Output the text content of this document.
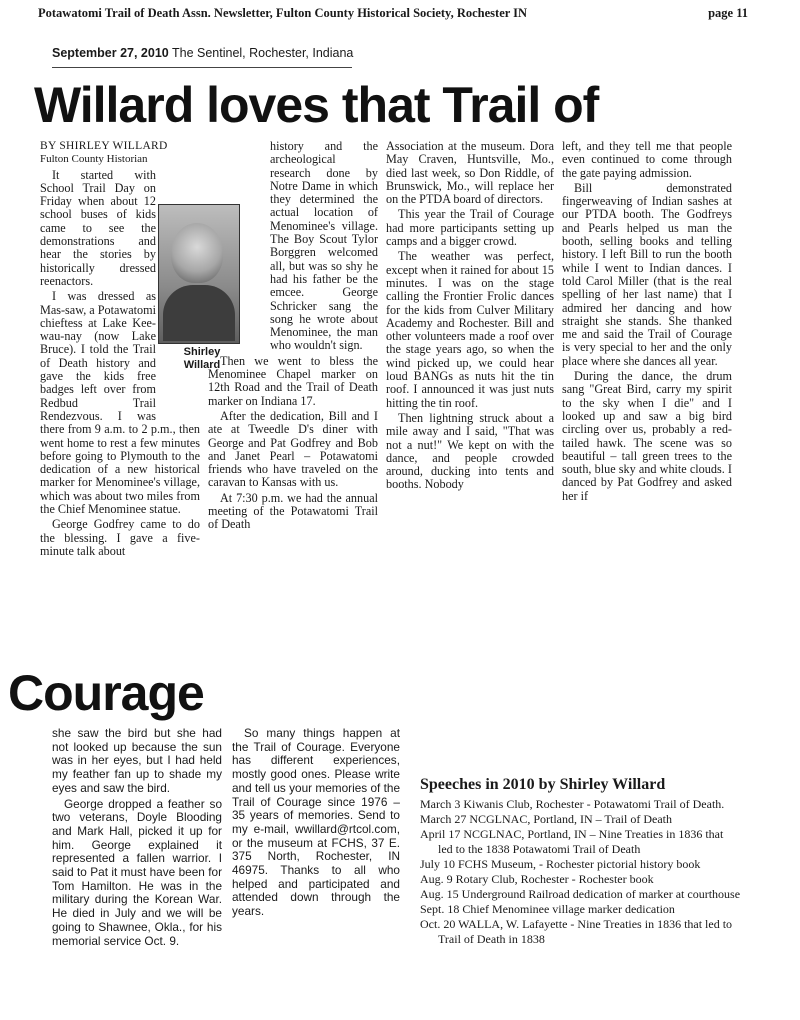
Potawatomi Trail of Death Assn. Newsletter, Fulton County Historical Society, Rochester IN	page 11
September 27, 2010 The Sentinel, Rochester, Indiana
Willard loves that Trail of
BY SHIRLEY WILLARD
Fulton County Historian

It started with School Trail Day on Friday when about 12 school buses of kids came to see the demonstrations and hear the stories by historically dressed reenactors.

I was dressed as Mas-saw, a Potawatomi chieftess at Lake Kee-wau-nay (now Lake Bruce). I told the Trail of Death history and gave the kids free badges left over from Redbud Trail Rendezvous. I was there from 9 a.m. to 2 p.m., then went home to rest a few minutes before going to Plymouth to the dedication of a new historical marker for Menominee's village, which was about two miles from the Chief Menominee statue.

George Godfrey came to do the blessing. I gave a five-minute talk about

Shirley
Willard

history and the archeological research done by Notre Dame in which they determined the actual location of Menominee's village. The Boy Scout Tylor Borggren welcomed all, but was so shy he had his father be the emcee. George Schricker sang the song he wrote about Menominee, the man who wouldn't sign.

Then we went to bless the Menominee Chapel marker on 12th Road and the Trail of Death marker on Indiana 17.

After the dedication, Bill and I ate at Tweedle D's diner with George and Pat Godfrey and Bob and Janet Pearl – Potawatomi friends who have traveled on the caravan to Kansas with us.

At 7:30 p.m. we had the annual meeting of the Potawatomi Trail of Death

Association at the museum. Dora May Craven, Huntsville, Mo., died last week, so Don Riddle, of Brunswick, Mo., will replace her on the PTDA board of directors.

This year the Trail of Courage had more participants setting up camps and a bigger crowd.

The weather was perfect, except when it rained for about 15 minutes. I was on the stage calling the Frontier Frolic dances for the kids from Culver Military Academy and Rochester. Bill and other volunteers made a roof over the stage years ago, so when the wind picked up, we could hear loud BANGs as nuts hit the tin roof. I announced it was just nuts hitting the tin roof.

Then lightning struck about a mile away and I said, "That was not a nut!" We kept on with the dance, and people crowded around, ducking into tents and booths. Nobody

left, and they tell me that people even continued to come through the gate paying admission.

Bill demonstrated fingerweaving of Indian sashes at our PTDA booth. The Godfreys and Pearls helped us man the booth, selling books and telling history. I left Bill to run the booth while I went to Indian dances. I told Carol Miller (that is the real spelling of her last name) that I admired her dancing and how straight she stands. She thanked me and said the Trail of Courage is very special to her and the only place where she dances all year.

During the dance, the drum sang "Great Bird, carry my spirit to the sky when I die" and I looked up and saw a big bird circling over us, probably a red-tailed hawk. The scene was so beautiful – tall green trees to the south, blue sky and white clouds. I danced by Pat Godfrey and asked her if

Courage

she saw the bird but she had not looked up because the sun was in her eyes, but I had held my feather fan up to shade my eyes and saw the bird.

George dropped a feather so two veterans, Doyle Blooding and Mark Hall, picked it up for him. George explained it represented a fallen warrior. I said to Pat it must have been for Tom Hamilton. He was in the military during the Korean War. He died in July and we will be going to Shawnee, Okla., for his memorial service Oct. 9.

So many things happen at the Trail of Courage. Everyone has different experiences, mostly good ones. Please write and tell us your memories of the Trail of Courage since 1976 – 35 years of memories. Send to my e-mail, wwillard@rtcol.com, or the museum at FCHS, 37 E. 375 North, Rochester, IN 46975. Thanks to all who helped and participated and attended down through the years.

Speeches in 2010 by Shirley Willard
March 3 Kiwanis Club, Rochester - Potawatomi Trail of Death.
March 27 NCGLNAC, Portland, IN – Trail of Death
April 17 NCGLNAC, Portland, IN – Nine Treaties in 1836 that
led to the 1838 Potawatomi Trail of Death
July 10 FCHS Museum, - Rochester pictorial history book
Aug. 9 Rotary Club, Rochester - Rochester book
Aug. 15 Underground Railroad dedication of marker at courthouse
Sept. 18 Chief Menominee village marker dedication
Oct. 20 WALLA, W. Lafayette - Nine Treaties in 1836 that led to
Trail of Death in 1838
